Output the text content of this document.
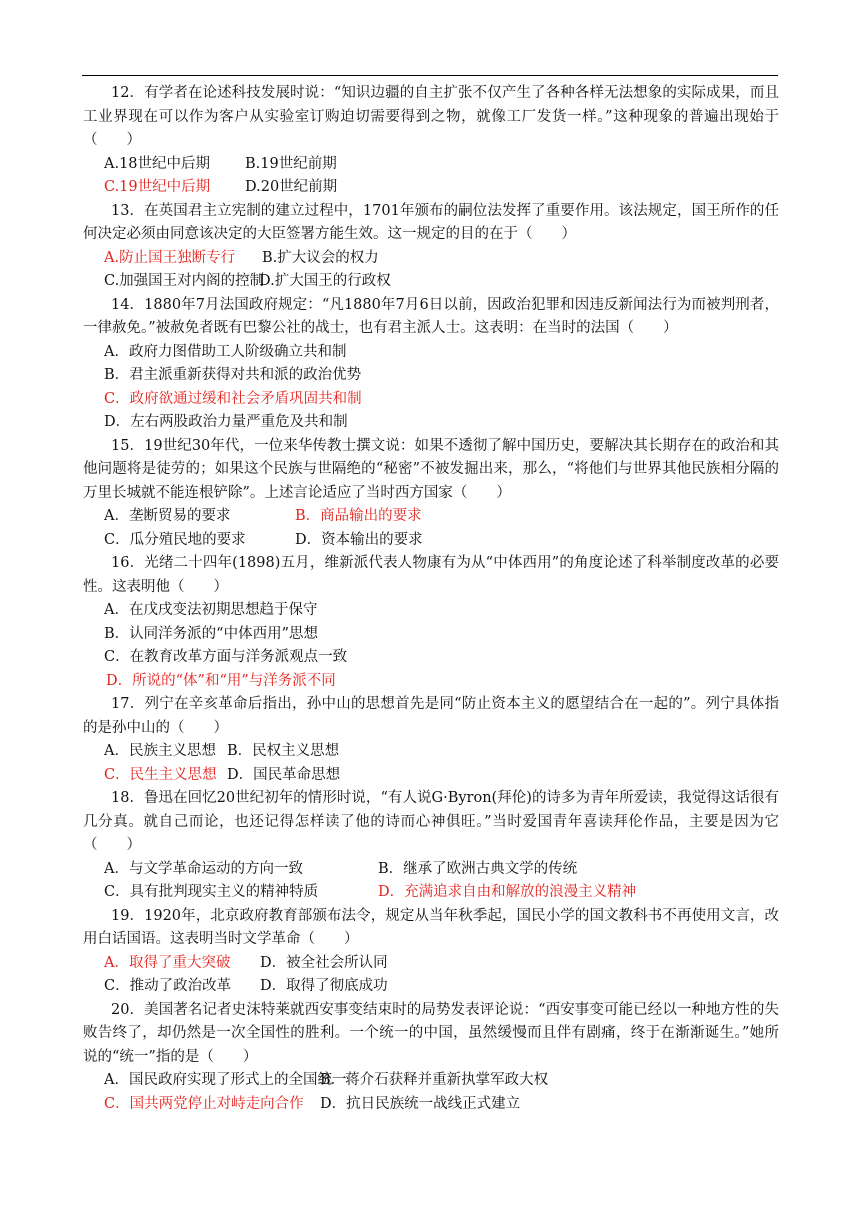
12．有学者在论述科技发展时说：“知识边疆的自主扩张不仅产生了各种各样无法想象的实际成果，而且工业界现在可以作为客户从实验室订购迫切需要得到之物，就像工厂发货一样。”这种现象的普遍出现始于（　　）

A.18世纪中后期 B.19世纪前期
C.19世纪中后期 D.20世纪前期

13．在英国君主立宪制的建立过程中，1701年颁布的嗣位法发挥了重要作用。该法规定，国王所作的任何决定必须由同意该决定的大臣签署方能生效。这一规定的目的在于（　　）

A.防止国王独断专行 B.扩大议会的权力
C.加强国王对内阁的控制D.扩大国王的行政权

14．1880年7月法国政府规定：“凡1880年7月6日以前，因政治犯罪和因违反新闻法行为而被判刑者，一律赦免。”被赦免者既有巴黎公社的战士，也有君主派人士。这表明：在当时的法国（　　）

A．政府力图借助工人阶级确立共和制
B．君主派重新获得对共和派的政治优势
C．政府欲通过缓和社会矛盾巩固共和制
D．左右两股政治力量严重危及共和制

15．19世纪30年代，一位来华传教士撰文说：如果不透彻了解中国历史，要解决其长期存在的政治和其他问题将是徒劳的；如果这个民族与世隔绝的“秘密”不被发掘出来，那么，“将他们与世界其他民族相分隔的万里长城就不能连根铲除”。上述言论适应了当时西方国家（　　）

A．垄断贸易的要求	B．商品输出的要求
C．瓜分殖民地的要求	D．资本输出的要求

16．光绪二十四年(1898)五月，维新派代表人物康有为从“中体西用”的角度论述了科举制度改革的必要性。这表明他（　　）

A．在戊戌变法初期思想趋于保守
B．认同洋务派的“中体西用”思想
C．在教育改革方面与洋务派观点一致
D．所说的“体”和“用”与洋务派不同

17．列宁在辛亥革命后指出，孙中山的思想首先是同“防止资本主义的愿望结合在一起的”。列宁具体指的是孙中山的（　　）

A．民族主义思想 B．民权主义思想
C．民生主义思想 D．国民革命思想

18．鲁迅在回忆20世纪初年的情形时说，“有人说G·Byron(拜伦)的诗多为青年所爱读，我觉得这话很有几分真。就自己而论，也还记得怎样读了他的诗而心神俱旺。”当时爱国青年喜读拜伦作品，主要是因为它（　　）

A．与文学革命运动的方向一致	B．继承了欧洲古典文学的传统
C．具有批判现实主义的精神特质	D．充满追求自由和解放的浪漫主义精神

19．1920年，北京政府教育部颁布法令，规定从当年秋季起，国民小学的国文教科书不再使用文言，改用白话国语。这表明当时文学革命（　　）

A．取得了重大突破 D．被全社会所认同
C．推动了政治改革 D．取得了彻底成功

20．美国著名记者史沫特莱就西安事变结束时的局势发表评论说：“西安事变可能已经以一种地方性的失败告终了，却仍然是一次全国性的胜利。一个统一的中国，虽然缓慢而且伴有剧痛，终于在渐渐诞生。”她所说的“统一”指的是（　　）

A．国民政府实现了形式上的全国统一B．蒋介石获释并重新执掌军政大权
C．国共两党停止对峙走向合作 D．抗日民族统一战线正式建立
